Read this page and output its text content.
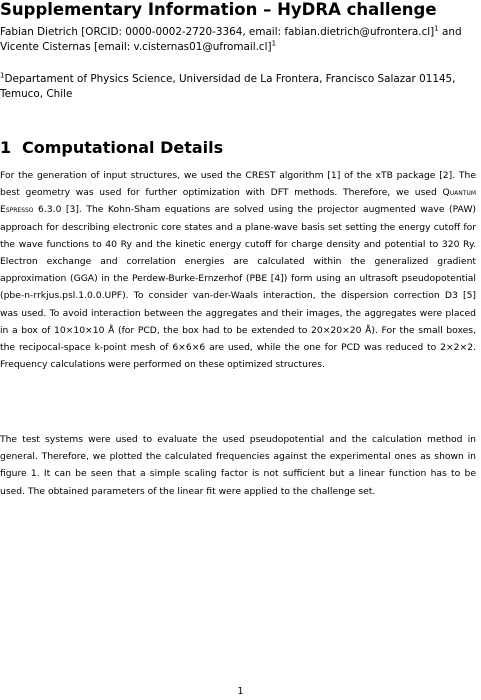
Supplementary Information – HyDRA challenge
Fabian Dietrich [ORCID: 0000-0002-2720-3364, email: fabian.dietrich@ufrontera.cl]$^1$ and Vicente Cisternas [email: v.cisternas01@ufromail.cl]$^1$
$^1$Departament of Physics Science, Universidad de La Frontera, Francisco Salazar 01145, Temuco, Chile
1 Computational Details
For the generation of input structures, we used the CREST algorithm [1] of the xTB package [2]. The best geometry was used for further optimization with DFT methods. Therefore, we used Quantum Espresso 6.3.0 [3]. The Kohn-Sham equations are solved using the projector augmented wave (PAW) approach for describing electronic core states and a plane-wave basis set setting the energy cutoff for the wave functions to 40 Ry and the kinetic energy cutoff for charge density and potential to 320 Ry. Electron exchange and correlation energies are calculated within the generalized gradient approximation (GGA) in the Perdew-Burke-Ernzerhof (PBE [4]) form using an ultrasoft pseudopotential (pbe-n-rrkjus.psl.1.0.0.UPF). To consider van-der-Waals interaction, the dispersion correction D3 [5] was used. To avoid interaction between the aggregates and their images, the aggregates were placed in a box of 10×10×10 Å (for PCD, the box had to be extended to 20×20×20 Å). For the small boxes, the recipocal-space k-point mesh of 6×6×6 are used, while the one for PCD was reduced to 2×2×2. Frequency calculations were performed on these optimized structures.
The test systems were used to evaluate the used pseudopotential and the calculation method in general. Therefore, we plotted the calculated frequencies against the experimental ones as shown in figure 1. It can be seen that a simple scaling factor is not sufficient but a linear function has to be used. The obtained parameters of the linear fit were applied to the challenge set.
1
